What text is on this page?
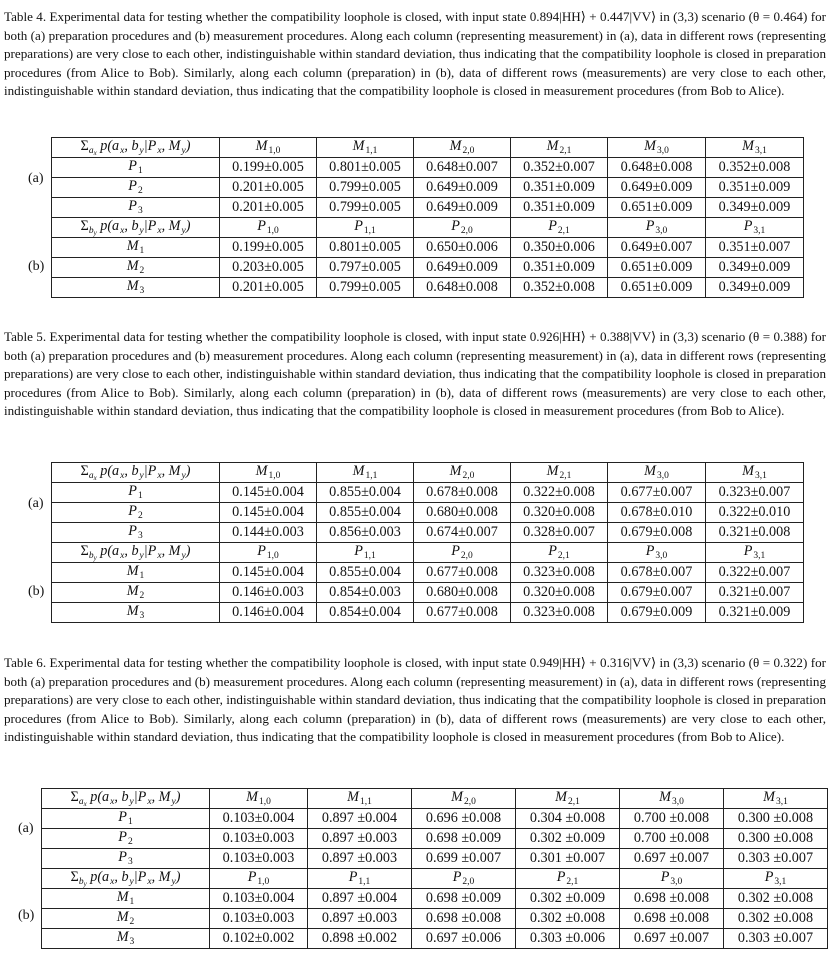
Table 4. Experimental data for testing whether the compatibility loophole is closed, with input state 0.894|HH⟩ + 0.447|VV⟩ in (3,3) scenario (θ = 0.464) for both (a) preparation procedures and (b) measurement procedures. Along each column (representing measurement) in (a), data in different rows (representing preparations) are very close to each other, indistinguishable within standard deviation, thus indicating that the compatibility loophole is closed in preparation procedures (from Alice to Bob). Similarly, along each column (preparation) in (b), data of different rows (measurements) are very close to each other, indistinguishable within standard deviation, thus indicating that the compatibility loophole is closed in measurement procedures (from Bob to Alice).

(a)
(b)
$\Sigma_{ax}$ $p(a_x$, $b_y|P_x$, $M_y$)	$M_{1,0}$	$M_{1,1}$	$M_{2,0}$	$M_{2,1}$	$M_{3,0}$	$M_{3,1}$
$P_1$	0.199±0.005	0.801±0.005	0.648±0.007	0.352±0.007	0.648±0.008	0.352±0.008
$P_2$	0.201±0.005	0.799±0.005	0.649±0.009	0.351±0.009	0.649±0.009	0.351±0.009
$P_3$	0.201±0.005	0.799±0.005	0.649±0.009	0.351±0.009	0.651±0.009	0.349±0.009
$\Sigma_{by}$ $p(a_x$, $b_y|P_x$, $M_y$)	$P_{1,0}$	$P_{1,1}$	$P_{2,0}$	$P_{2,1}$	$P_{3,0}$	$P_{3,1}$
$M_1$	0.199±0.005	0.801±0.005	0.650±0.006	0.350±0.006	0.649±0.007	0.351±0.007
$M_2$	0.203±0.005	0.797±0.005	0.649±0.009	0.351±0.009	0.651±0.009	0.349±0.009
$M_3$	0.201±0.005	0.799±0.005	0.648±0.008	0.352±0.008	0.651±0.009	0.349±0.009

Table 5. Experimental data for testing whether the compatibility loophole is closed, with input state 0.926|HH⟩ + 0.388|VV⟩ in (3,3) scenario (θ = 0.388) for both (a) preparation procedures and (b) measurement procedures. Along each column (representing measurement) in (a), data in different rows (representing preparations) are very close to each other, indistinguishable within standard deviation, thus indicating that the compatibility loophole is closed in preparation procedures (from Alice to Bob). Similarly, along each column (preparation) in (b), data of different rows (measurements) are very close to each other, indistinguishable within standard deviation, thus indicating that the compatibility loophole is closed in measurement procedures (from Bob to Alice).

(a)
(b)
$\Sigma_{ax}$ $p(a_x$, $b_y|P_x$, $M_y$)	$M_{1,0}$	$M_{1,1}$	$M_{2,0}$	$M_{2,1}$	$M_{3,0}$	$M_{3,1}$
$P_1$	0.145±0.004	0.855±0.004	0.678±0.008	0.322±0.008	0.677±0.007	0.323±0.007
$P_2$	0.145±0.004	0.855±0.004	0.680±0.008	0.320±0.008	0.678±0.010	0.322±0.010
$P_3$	0.144±0.003	0.856±0.003	0.674±0.007	0.328±0.007	0.679±0.008	0.321±0.008
$\Sigma_{by}$ $p(a_x$, $b_y|P_x$, $M_y$)	$P_{1,0}$	$P_{1,1}$	$P_{2,0}$	$P_{2,1}$	$P_{3,0}$	$P_{3,1}$
$M_1$	0.145±0.004	0.855±0.004	0.677±0.008	0.323±0.008	0.678±0.007	0.322±0.007
$M_2$	0.146±0.003	0.854±0.003	0.680±0.008	0.320±0.008	0.679±0.007	0.321±0.007
$M_3$	0.146±0.004	0.854±0.004	0.677±0.008	0.323±0.008	0.679±0.009	0.321±0.009

Table 6. Experimental data for testing whether the compatibility loophole is closed, with input state 0.949|HH⟩ + 0.316|VV⟩ in (3,3) scenario (θ = 0.322) for both (a) preparation procedures and (b) measurement procedures. Along each column (representing measurement) in (a), data in different rows (representing preparations) are very close to each other, indistinguishable within standard deviation, thus indicating that the compatibility loophole is closed in preparation procedures (from Alice to Bob). Similarly, along each column (preparation) in (b), data of different rows (measurements) are very close to each other, indistinguishable within standard deviation, thus indicating that the compatibility loophole is closed in measurement procedures (from Bob to Alice).

(a)
(b)
$\Sigma_{ax}$ $p(a_x$, $b_y|P_x$, $M_y$)	$M_{1,0}$	$M_{1,1}$	$M_{2,0}$	$M_{2,1}$	$M_{3,0}$	$M_{3,1}$
$P_1$	0.103±0.004	0.897 ±0.004	0.696 ±0.008	0.304 ±0.008	0.700 ±0.008	0.300 ±0.008
$P_2$	0.103±0.003	0.897 ±0.003	0.698 ±0.009	0.302 ±0.009	0.700 ±0.008	0.300 ±0.008
$P_3$	0.103±0.003	0.897 ±0.003	0.699 ±0.007	0.301 ±0.007	0.697 ±0.007	0.303 ±0.007
$\Sigma_{by}$ $p(a_x$, $b_y|P_x$, $M_y$)	$P_{1,0}$	$P_{1,1}$	$P_{2,0}$	$P_{2,1}$	$P_{3,0}$	$P_{3,1}$
$M_1$	0.103±0.004	0.897 ±0.004	0.698 ±0.009	0.302 ±0.009	0.698 ±0.008	0.302 ±0.008
$M_2$	0.103±0.003	0.897 ±0.003	0.698 ±0.008	0.302 ±0.008	0.698 ±0.008	0.302 ±0.008
$M_3$	0.102±0.002	0.898 ±0.002	0.697 ±0.006	0.303 ±0.006	0.697 ±0.007	0.303 ±0.007
